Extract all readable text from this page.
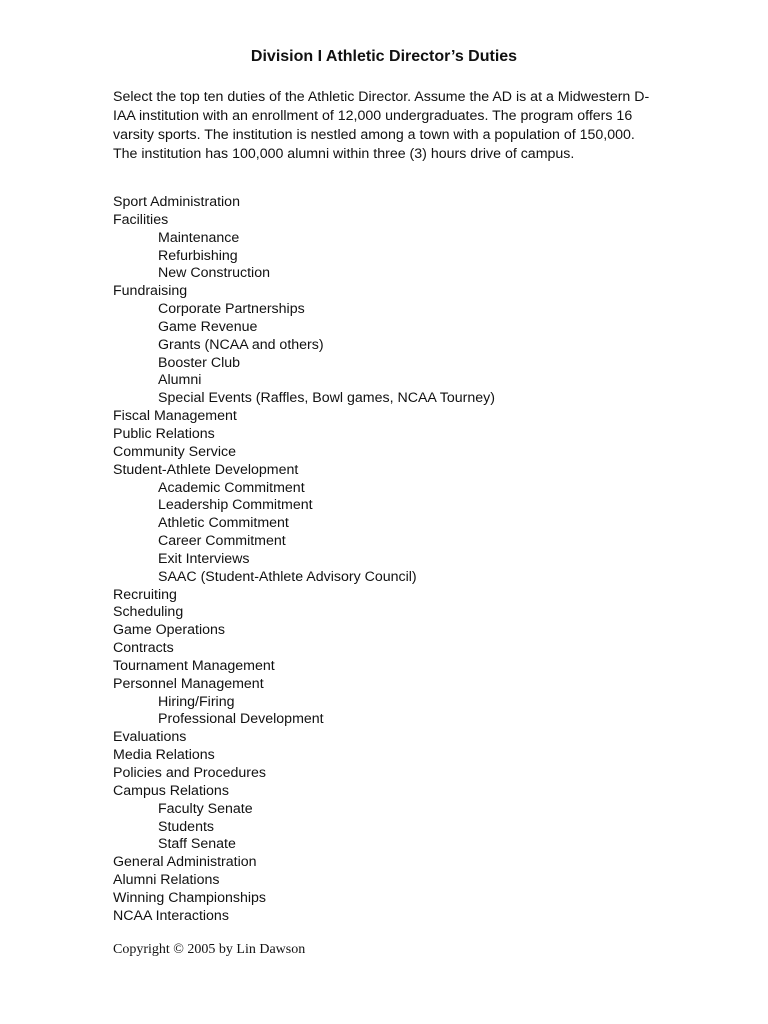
Division I Athletic Director’s Duties

Select the top ten duties of the Athletic Director. Assume the AD is at a Midwestern D-IAA institution with an enrollment of 12,000 undergraduates. The program offers 16 varsity sports. The institution is nestled among a town with a population of 150,000. The institution has 100,000 alumni within three (3) hours drive of campus.

Sport Administration
Facilities
Maintenance
Refurbishing
New Construction
Fundraising
Corporate Partnerships
Game Revenue
Grants (NCAA and others)
Booster Club
Alumni
Special Events (Raffles, Bowl games, NCAA Tourney)
Fiscal Management
Public Relations
Community Service
Student-Athlete Development
Academic Commitment
Leadership Commitment
Athletic Commitment
Career Commitment
Exit Interviews
SAAC (Student-Athlete Advisory Council)
Recruiting
Scheduling
Game Operations
Contracts
Tournament Management
Personnel Management
Hiring/Firing
Professional Development
Evaluations
Media Relations
Policies and Procedures
Campus Relations
Faculty Senate
Students
Staff Senate
General Administration
Alumni Relations
Winning Championships
NCAA Interactions

Copyright © 2005 by Lin Dawson
